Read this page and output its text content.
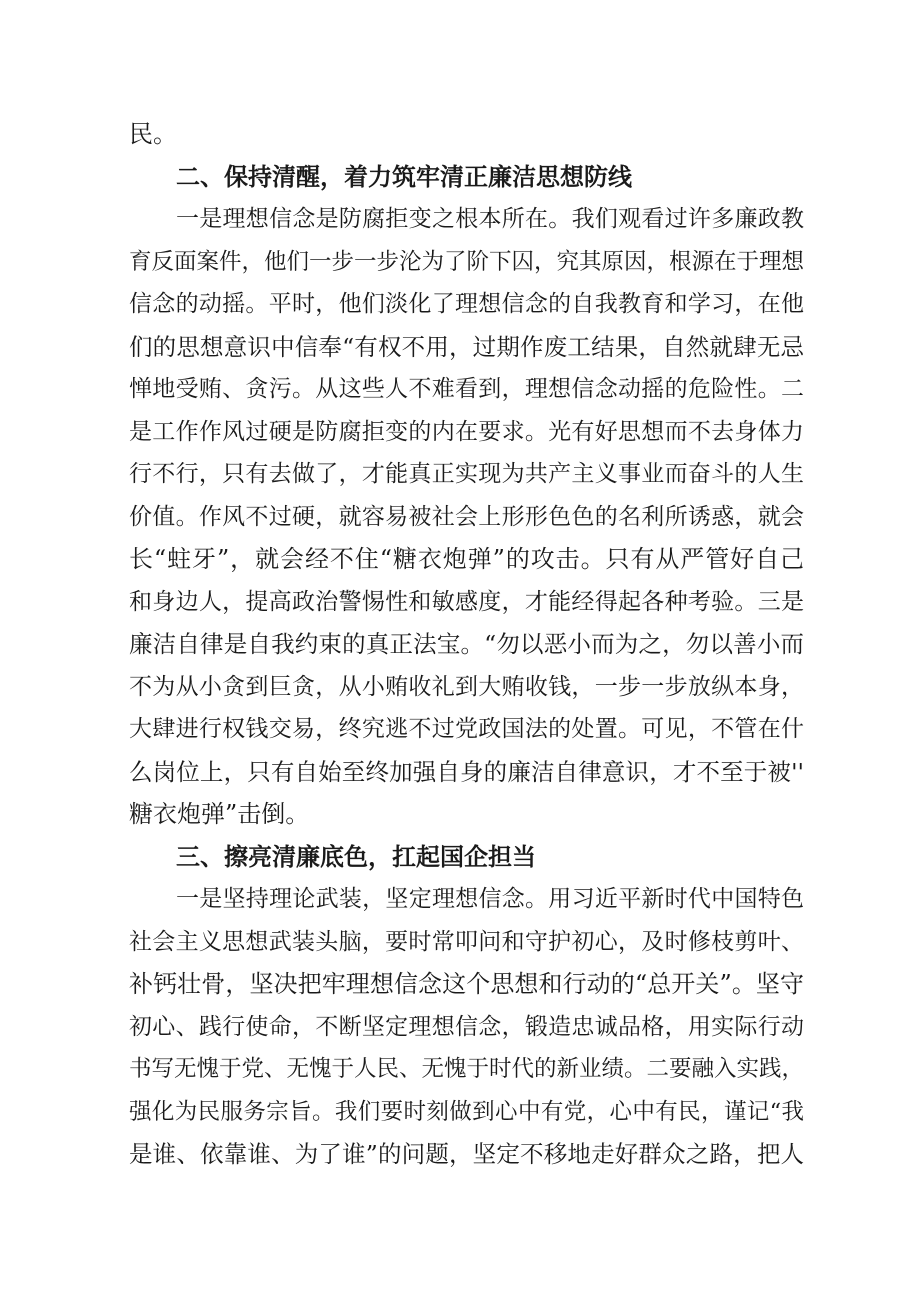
民。
二、保持清醒，着力筑牢清正廉洁思想防线
一是理想信念是防腐拒变之根本所在。我们观看过许多廉政教
育反面案件，他们一步一步沦为了阶下囚，究其原因，根源在于理想
信念的动摇。平时，他们淡化了理想信念的自我教育和学习，在他
们的思想意识中信奉“有权不用，过期作废工结果，自然就肆无忌
惮地受贿、贪污。从这些人不难看到，理想信念动摇的危险性。二
是工作作风过硬是防腐拒变的内在要求。光有好思想而不去身体力
行不行，只有去做了，才能真正实现为共产主义事业而奋斗的人生
价值。作风不过硬，就容易被社会上形形色色的名利所诱惑，就会
长“蛀牙”，就会经不住“糖衣炮弹”的攻击。只有从严管好自己
和身边人，提高政治警惕性和敏感度，才能经得起各种考验。三是
廉洁自律是自我约束的真正法宝。“勿以恶小而为之，勿以善小而
不为从小贪到巨贪，从小贿收礼到大贿收钱，一步一步放纵本身，
大肆进行权钱交易，终究逃不过党政国法的处置。可见，不管在什
么岗位上，只有自始至终加强自身的廉洁自律意识，才不至于被''
糖衣炮弹”击倒。
三、擦亮清廉底色，扛起国企担当
一是坚持理论武装，坚定理想信念。用习近平新时代中国特色
社会主义思想武装头脑，要时常叩问和守护初心，及时修枝剪叶、
补钙壮骨，坚决把牢理想信念这个思想和行动的“总开关”。坚守
初心、践行使命，不断坚定理想信念，锻造忠诚品格，用实际行动
书写无愧于党、无愧于人民、无愧于时代的新业绩。二要融入实践，
强化为民服务宗旨。我们要时刻做到心中有党，心中有民，谨记“我
是谁、依靠谁、为了谁”的问题，坚定不移地走好群众之路，把人
